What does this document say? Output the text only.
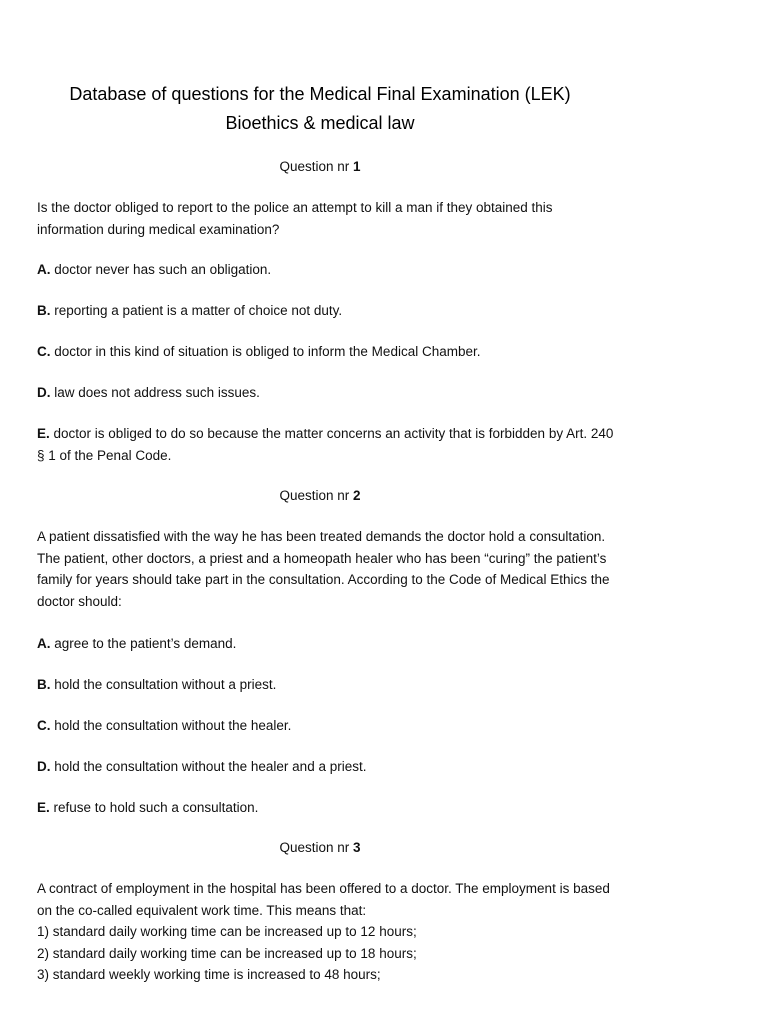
Database of questions for the Medical Final Examination (LEK)
Bioethics & medical law
Question nr 1

Is the doctor obliged to report to the police an attempt to kill a man if they obtained this information during medical examination?

A. doctor never has such an obligation.

B. reporting a patient is a matter of choice not duty.

C. doctor in this kind of situation is obliged to inform the Medical Chamber.

D. law does not address such issues.

E. doctor is obliged to do so because the matter concerns an activity that is forbidden by Art. 240 § 1 of the Penal Code.

Question nr 2

A patient dissatisfied with the way he has been treated demands the doctor hold a consultation. The patient, other doctors, a priest and a homeopath healer who has been “curing” the patient’s family for years should take part in the consultation. According to the Code of Medical Ethics the doctor should:

A. agree to the patient’s demand.

B. hold the consultation without a priest.

C. hold the consultation without the healer.

D. hold the consultation without the healer and a priest.

E. refuse to hold such a consultation.

Question nr 3

A contract of employment in the hospital has been offered to a doctor. The employment is based on the co-called equivalent work time. This means that:

1) standard daily working time can be increased up to 12 hours;

2) standard daily working time can be increased up to 18 hours;

3) standard weekly working time is increased to 48 hours;
